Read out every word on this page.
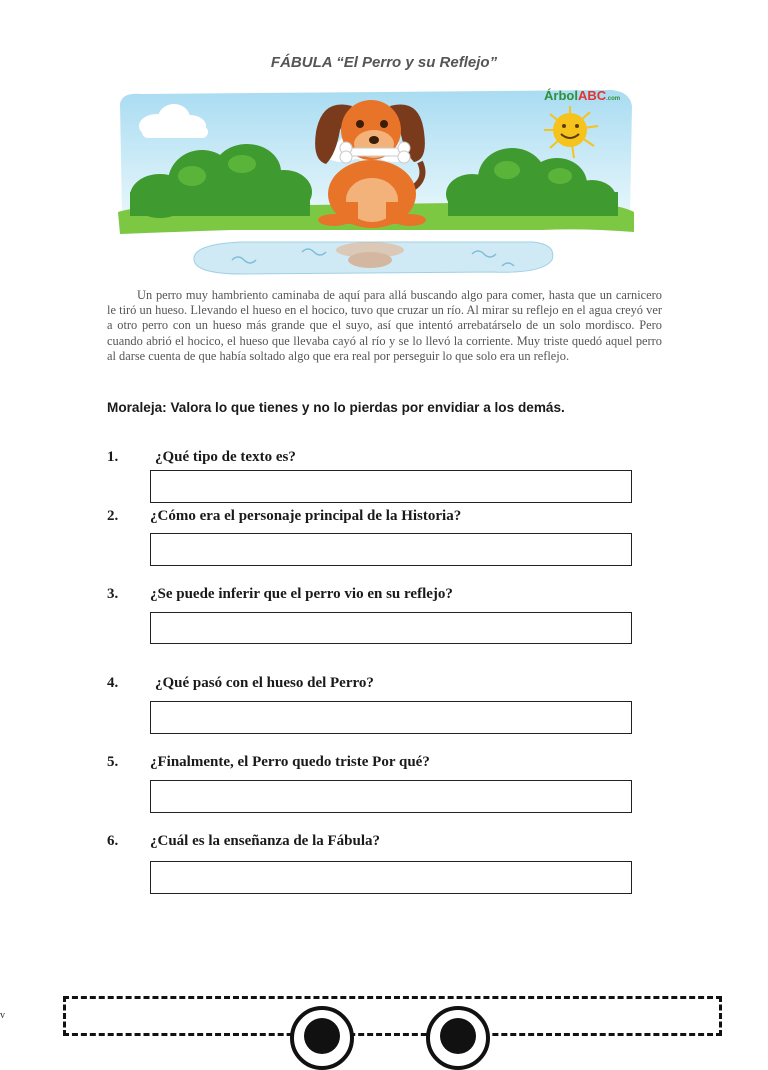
FÁBULA “El Perro y su Reflejo”
ÁrbolABC.com

Un perro muy hambriento caminaba de aquí para allá buscando algo para comer, hasta que un carnicero le tiró un hueso. Llevando el hueso en el hocico, tuvo que cruzar un río. Al mirar su reflejo en el agua creyó ver a otro perro con un hueso más grande que el suyo, así que intentó arrebatárselo de un solo mordisco. Pero cuando abrió el hocico, el hueso que llevaba cayó al río y se lo llevó la corriente. Muy triste quedó aquel perro al darse cuenta de que había soltado algo que era real por perseguir lo que solo era un reflejo.

Moraleja: Valora lo que tienes y no lo pierdas por envidiar a los demás.
1. ¿Qué tipo de texto es?
2. ¿Cómo era el personaje principal de la Historia?
3. ¿Se puede inferir que el perro vio en su reflejo?
4. ¿Qué pasó con el hueso del Perro?
5. ¿Finalmente, el Perro quedo triste Por qué?
6. ¿Cuál es la enseñanza de la Fábula?
v
